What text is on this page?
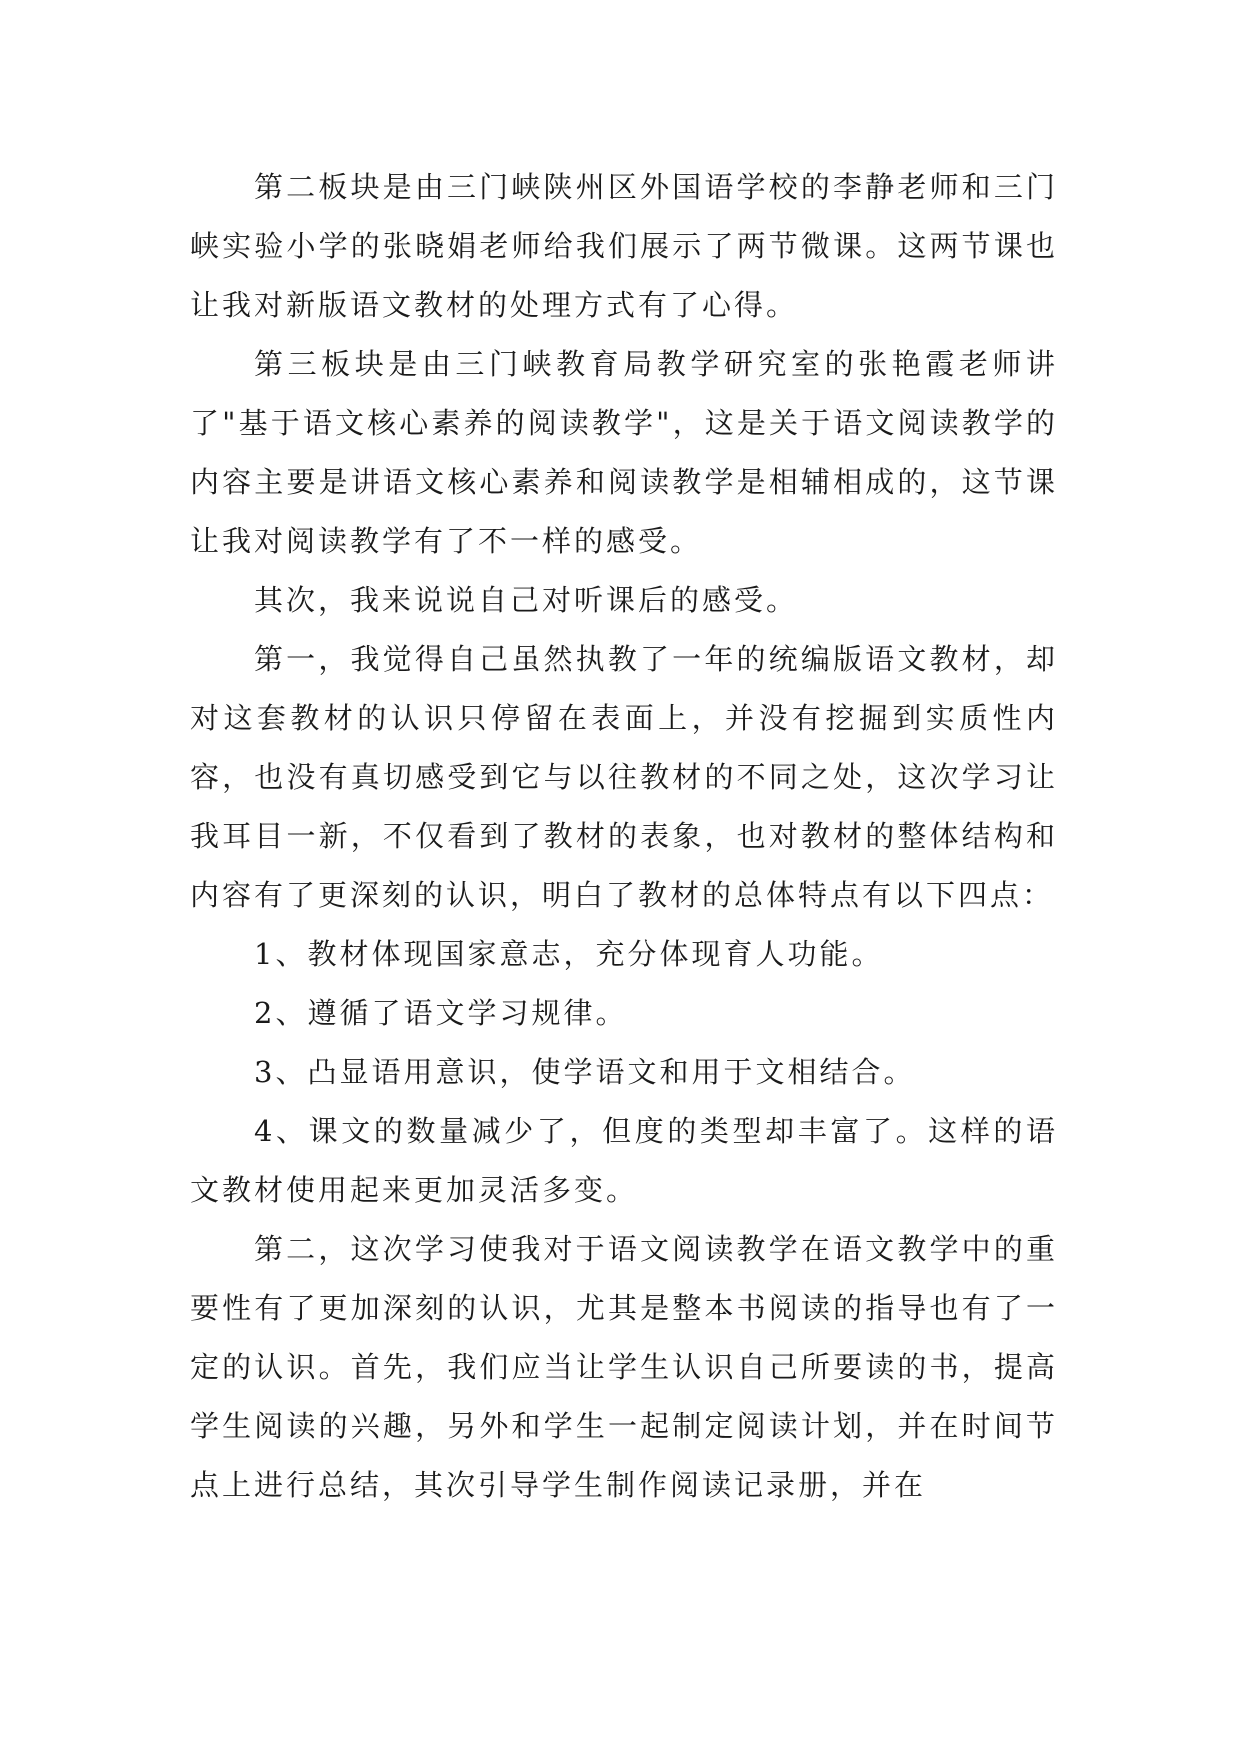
第二板块是由三门峡陕州区外国语学校的李静老师和三门峡实验小学的张晓娟老师给我们展示了两节微课。这两节课也让我对新版语文教材的处理方式有了心得。

第三板块是由三门峡教育局教学研究室的张艳霞老师讲了"基于语文核心素养的阅读教学"，这是关于语文阅读教学的内容主要是讲语文核心素养和阅读教学是相辅相成的，这节课让我对阅读教学有了不一样的感受。

其次，我来说说自己对听课后的感受。

第一，我觉得自己虽然执教了一年的统编版语文教材，却对这套教材的认识只停留在表面上，并没有挖掘到实质性内容，也没有真切感受到它与以往教材的不同之处，这次学习让我耳目一新，不仅看到了教材的表象，也对教材的整体结构和内容有了更深刻的认识，明白了教材的总体特点有以下四点：

1、教材体现国家意志，充分体现育人功能。

2、遵循了语文学习规律。

3、凸显语用意识，使学语文和用于文相结合。

4、课文的数量减少了，但度的类型却丰富了。这样的语文教材使用起来更加灵活多变。

第二，这次学习使我对于语文阅读教学在语文教学中的重要性有了更加深刻的认识，尤其是整本书阅读的指导也有了一定的认识。首先，我们应当让学生认识自己所要读的书，提高学生阅读的兴趣，另外和学生一起制定阅读计划，并在时间节点上进行总结，其次引导学生制作阅读记录册，并在
